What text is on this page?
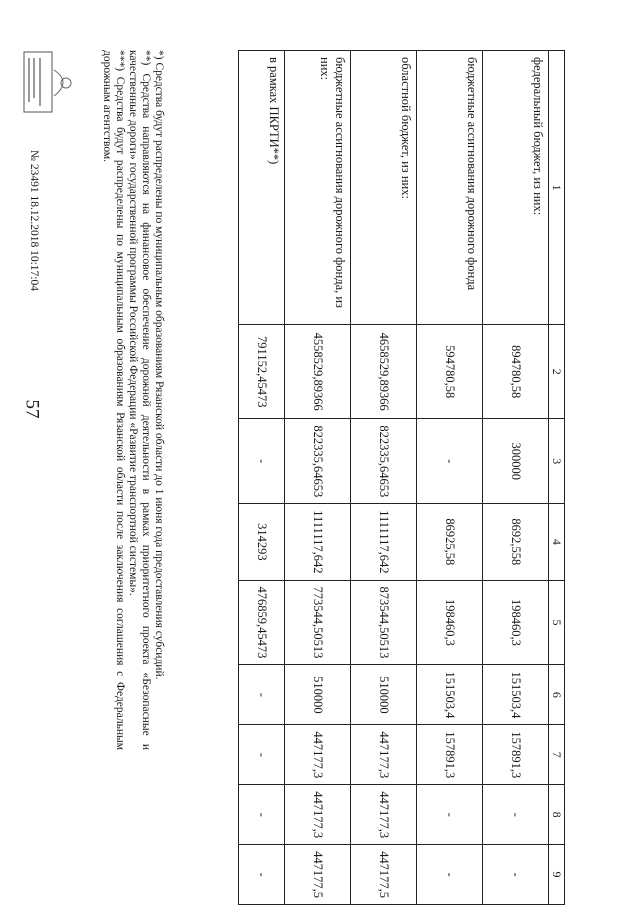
57
1	2	3	4	5	6	7	8	9
федеральный бюджет, из них:	894780,58	300000	8692,558	198460,3	151503,4	157891,3	-	-
бюджетные ассигнования дорожного фонда	594780,58	-	86925,58	198460,3	151503,4	157891,3	-	-
областной бюджет, из них:	4658529,89366	822335,64653	1111117,642	873544,50513	510000	447177,3	447177,3	447177,5
бюджетные ассигнования дорожного фонда, из них:	4558529,89366	822335,64653	1111117,642	773544,50513	510000	447177,3	447177,3	447177,5
в рамках ПКРТИ**)	791152,45473	-	314293	476859,45473	-	-	-	-

*) Средства будут распределены по муниципальным образованиям Рязанской области до 1 июня года предоставления субсидий.

**) Средства направляются на финансовое обеспечение дорожной деятельности в рамках приоритетного проекта «Безопасные и качественные дороги» государственной программы Российской Федерации «Развитие транспортной системы».

***) Средства будут распределены по муниципальным образованиям Рязанской области после заключения соглашения с Федеральным дорожным агентством.

№ 23491 18.12.2018 10:17:04
